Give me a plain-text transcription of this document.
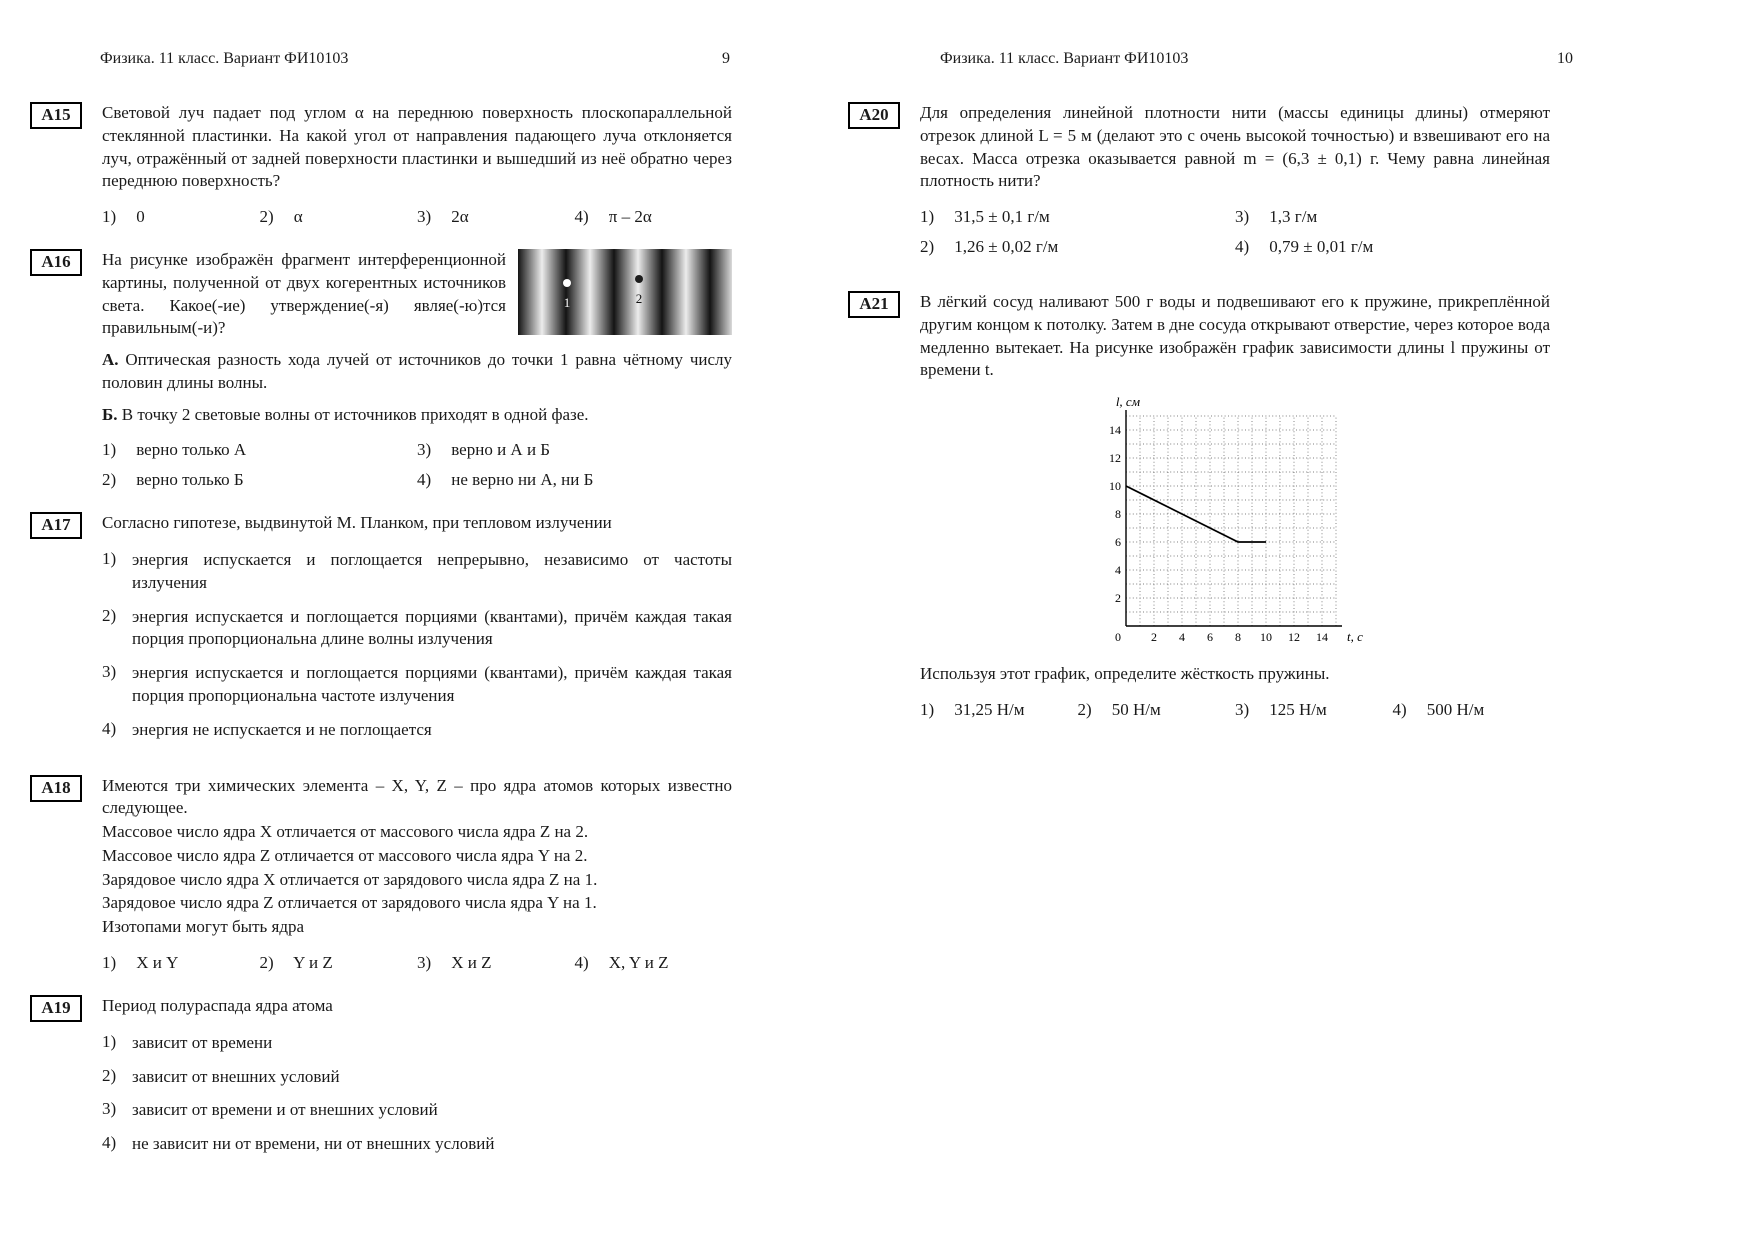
Физика. 11 класс. Вариант ФИ10103	9
А15	Световой луч падает под углом α на переднюю поверхность плоскопараллельной стеклянной пластинки. На какой угол от направления падающего луча отклоняется луч, отражённый от задней поверхности пластинки и вышедший из неё обратно через переднюю поверхность?

1) 0	2) α	3) 2α	4) π – 2α
А16
1	2

На рисунке изображён фрагмент интерференционной картины, полученной от двух когерентных источников света. Какое(-ие) утверждение(-я) являе(-ю)тся правильным(-и)?

А. Оптическая разность хода лучей от источников до точки 1 равна чётному числу половин длины волны.

Б. В точку 2 световые волны от источников приходят в одной фазе.

1) верно только А
2) верно только Б
3) верно и А и Б
4) не верно ни А, ни Б
А17	Согласно гипотезе, выдвинутой М. Планком, при тепловом излучении

1) энергия испускается и поглощается непрерывно, независимо от частоты излучения
2) энергия испускается и поглощается порциями (квантами), причём каждая такая порция пропорциональна длине волны излучения
3) энергия испускается и поглощается порциями (квантами), причём каждая такая порция пропорциональна частоте излучения
4) энергия не испускается и не поглощается
А18	Имеются три химических элемента – X, Y, Z – про ядра атомов которых известно следующее.

Массовое число ядра X отличается от массового числа ядра Z на 2.

Массовое число ядра Z отличается от массового числа ядра Y на 2.

Зарядовое число ядра X отличается от зарядового числа ядра Z на 1.

Зарядовое число ядра Z отличается от зарядового числа ядра Y на 1.

Изотопами могут быть ядра

1) X и Y	2) Y и Z	3) X и Z	4) X, Y и Z
А19	Период полураспада ядра атома

1) зависит от времени
2) зависит от внешних условий
3) зависит от времени и от внешних условий
4) не зависит ни от времени, ни от внешних условий
Физика. 11 класс. Вариант ФИ10103	10
А20	Для определения линейной плотности нити (массы единицы длины) отмеряют отрезок длиной L = 5 м (делают это с очень высокой точностью) и взвешивают его на весах. Масса отрезка оказывается равной m = (6,3 ± 0,1) г. Чему равна линейная плотность нити?

1) 31,5 ± 0,1 г/м
2) 1,26 ± 0,02 г/м
3) 1,3 г/м
4) 0,79 ± 0,01 г/м
А21	В лёгкий сосуд наливают 500 г воды и подвешивают его к пружине, прикреплённой другим концом к потолку. Затем в дне сосуда открывают отверстие, через которое вода медленно вытекает. На рисунке изображён график зависимости длины l пружины от времени t.

2
4
6
8
10
12
14
2 4 6 8 10 12 14
0
l, см
t, с

Используя этот график, определите жёсткость пружины.

1) 31,25 Н/м	2) 50 Н/м	3) 125 Н/м	4) 500 Н/м
